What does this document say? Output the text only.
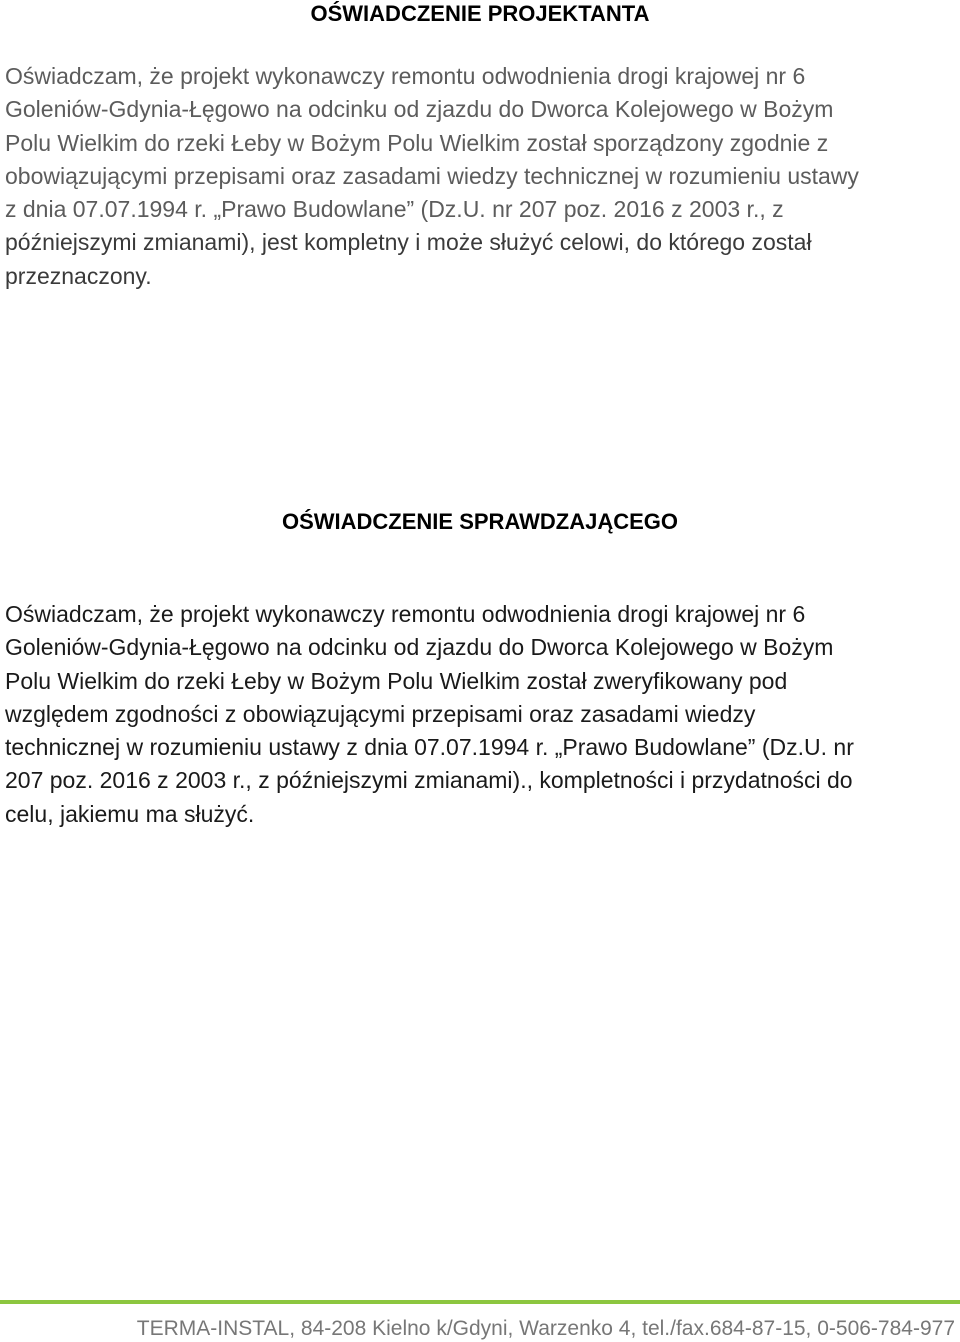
OŚWIADCZENIE PROJEKTANTA

Oświadczam, że projekt wykonawczy remontu odwodnienia drogi krajowej nr 6
Goleniów-Gdynia-Łęgowo na odcinku od zjazdu do Dworca Kolejowego w Bożym
Polu Wielkim do rzeki Łeby w Bożym Polu Wielkim został sporządzony zgodnie z
obowiązującymi przepisami oraz zasadami wiedzy technicznej w rozumieniu ustawy
z dnia 07.07.1994 r. „Prawo Budowlane” (Dz.U. nr 207 poz. 2016 z 2003 r., z
późniejszymi zmianami), jest kompletny i może służyć celowi, do którego został
przeznaczony.

OŚWIADCZENIE SPRAWDZAJĄCEGO

Oświadczam, że projekt wykonawczy remontu odwodnienia drogi krajowej nr 6
Goleniów-Gdynia-Łęgowo na odcinku od zjazdu do Dworca Kolejowego w Bożym
Polu Wielkim do rzeki Łeby w Bożym Polu Wielkim został zweryfikowany pod
względem zgodności z obowiązującymi przepisami oraz zasadami wiedzy
technicznej w rozumieniu ustawy z dnia 07.07.1994 r. „Prawo Budowlane” (Dz.U. nr
207 poz. 2016 z 2003 r., z późniejszymi zmianami)., kompletności i przydatności do
celu, jakiemu ma służyć.

TERMA-INSTAL, 84-208 Kielno k/Gdyni, Warzenko 4, tel./fax.684-87-15, 0-506-784-977
